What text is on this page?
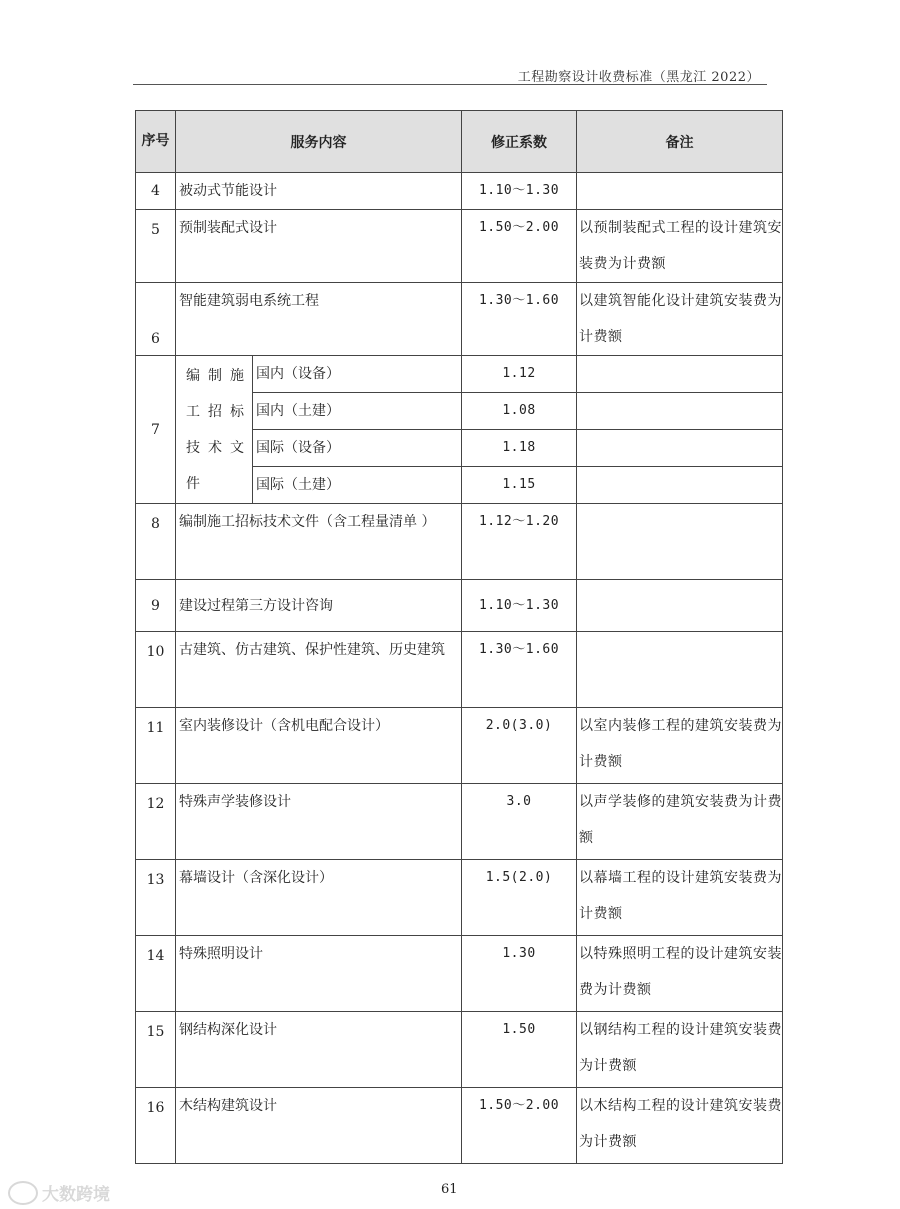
工程勘察设计收费标准（黑龙江 2022）
序号	服务内容		修正系数	备注

4	被动式节能设计		1.10～1.30	

5	预制装配式设计		1.50～2.00	以预制装配式工程的设计建筑安装费为计费额

6	智能建筑弱电系统工程		1.30～1.60	以建筑智能化设计建筑安装费为计费额

7	编制施工招标技术文件	国内（设备）	1.12	
		国内（土建）	1.08	
		国际（设备）	1.18	
		国际（土建）	1.15	

8	编制施工招标技术文件（含工程量清单 ）		1.12～1.20	

9	建设过程第三方设计咨询		1.10～1.30	

10	古建筑、仿古建筑、保护性建筑、历史建筑		1.30～1.60	

11	室内装修设计（含机电配合设计）		2.0(3.0)	以室内装修工程的建筑安装费为计费额

12	特殊声学装修设计		3.0	以声学装修的建筑安装费为计费额

13	幕墙设计（含深化设计）		1.5(2.0)	以幕墙工程的设计建筑安装费为计费额

14	特殊照明设计		1.30	以特殊照明工程的设计建筑安装费为计费额

15	钢结构深化设计		1.50	以钢结构工程的设计建筑安装费为计费额

16	木结构建筑设计		1.50～2.00	以木结构工程的设计建筑安装费为计费额
61
大数跨境
